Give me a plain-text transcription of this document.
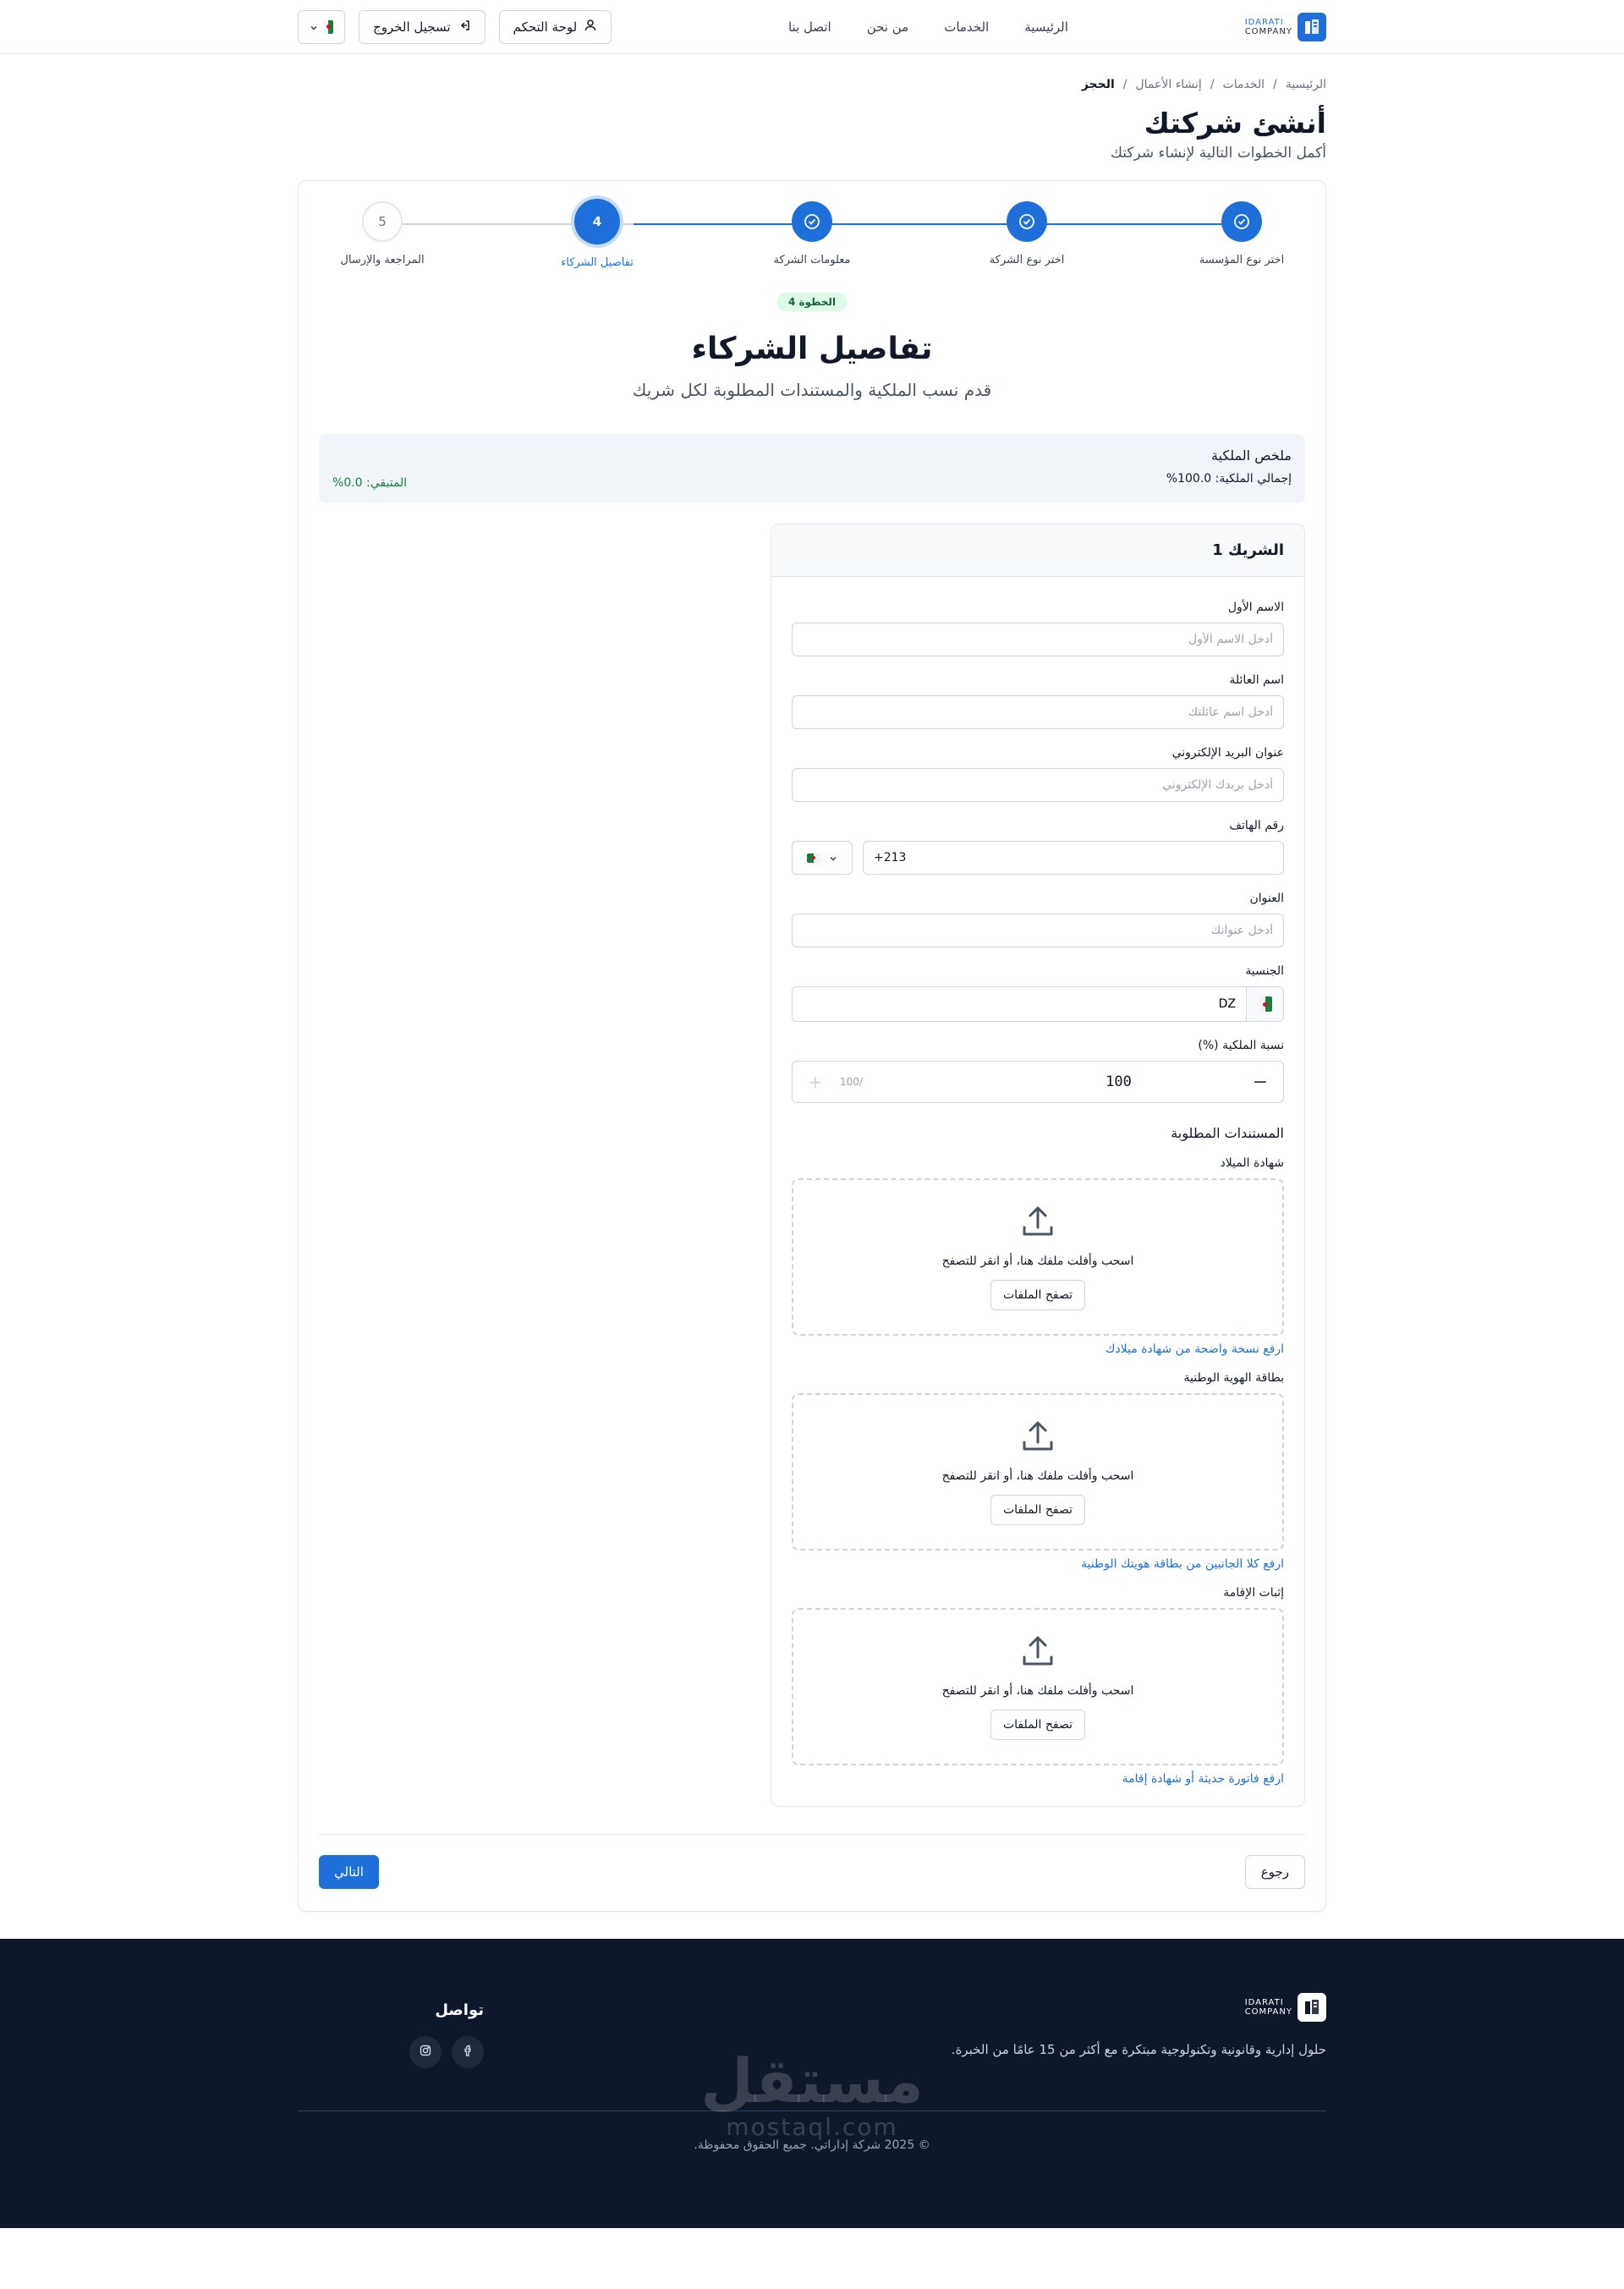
IDARATI
COMPANY
الرئيسية
الخدمات
من نحن
اتصل بنا
لوحة التحكم
تسجيل الخروج
الرئيسية
/
الخدمات
/
إنشاء الأعمال
/
الحجز
أنشئ شركتك

أكمل الخطوات التالية لإنشاء شركتك

اختر نوع المؤسسة
اختر نوع الشركة
معلومات الشركة
4
تفاصيل الشركاء
5
المراجعة والإرسال
الخطوة 4
تفاصيل الشركاء

قدم نسب الملكية والمستندات المطلوبة لكل شريك

ملخص الملكية
إجمالي الملكية: 100.0%
المتبقي: 0.0%
الشريك 1
الاسم الأول
أدخل الاسم الأول
اسم العائلة
أدخل اسم عائلتك
عنوان البريد الإلكتروني
أدخل بريدك الإلكتروني
رقم الهاتف
+213
العنوان
أدخل عنوانك
الجنسية
DZ
نسبة الملكية (%)
−
100
/100
+
المستندات المطلوبة
شهادة الميلاد
اسحب وأفلت ملفك هنا، أو انقر للتصفح
تصفح الملفات
ارفع نسخة واضحة من شهادة ميلادك
بطاقة الهوية الوطنية
اسحب وأفلت ملفك هنا، أو انقر للتصفح
تصفح الملفات
ارفع كلا الجانبين من بطاقة هويتك الوطنية
إثبات الإقامة
اسحب وأفلت ملفك هنا، أو انقر للتصفح
تصفح الملفات
ارفع فاتورة حديثة أو شهادة إقامة
رجوع
التالي
IDARATI
COMPANY

حلول إدارية وقانونية وتكنولوجية مبتكرة مع أكثر من 15 عامًا من الخبرة.

تواصل

© 2025 شركة إداراتي. جميع الحقوق محفوظة.

مستقل
mostaql.com
